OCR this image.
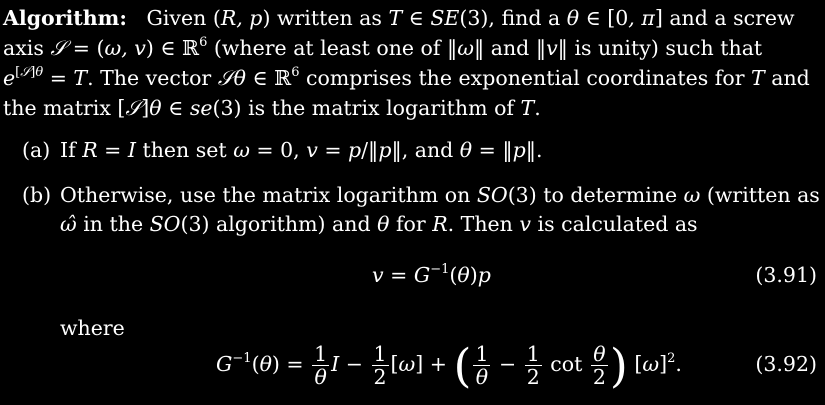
Algorithm:   Given (R, p) written as T ∈ SE(3), find a θ ∈ [0, π] and a screw
axis 𝒮 = (ω, v) ∈ ℝ$^6$ (where at least one of ‖ω‖ and ‖v‖ is unity) such that
$e^{[𝒮]\theta} = T$. The vector 𝒮θ ∈ ℝ$^6$ comprises the exponential coordinates for T and
the matrix [𝒮]θ ∈ se(3) is the matrix logarithm of T.
(a) If R = I then set ω = 0, v = p/‖p‖, and θ = ‖p‖.
(b) Otherwise, use the matrix logarithm on SO(3) to determine ω (written as
ω̂ in the SO(3) algorithm) and θ for R. Then v is calculated as
$v = G^{-1}(\theta)p$	(3.91)
where
$G^{-1}(\theta) = \frac{1}{\theta}$ $I - \frac{1}{2} [\omega]$ + ( $\frac{1}{\theta} - \frac{1}{2}$ $\cot \frac{\theta}{2}$ ) $[\omega]^2$.	(3.92)
